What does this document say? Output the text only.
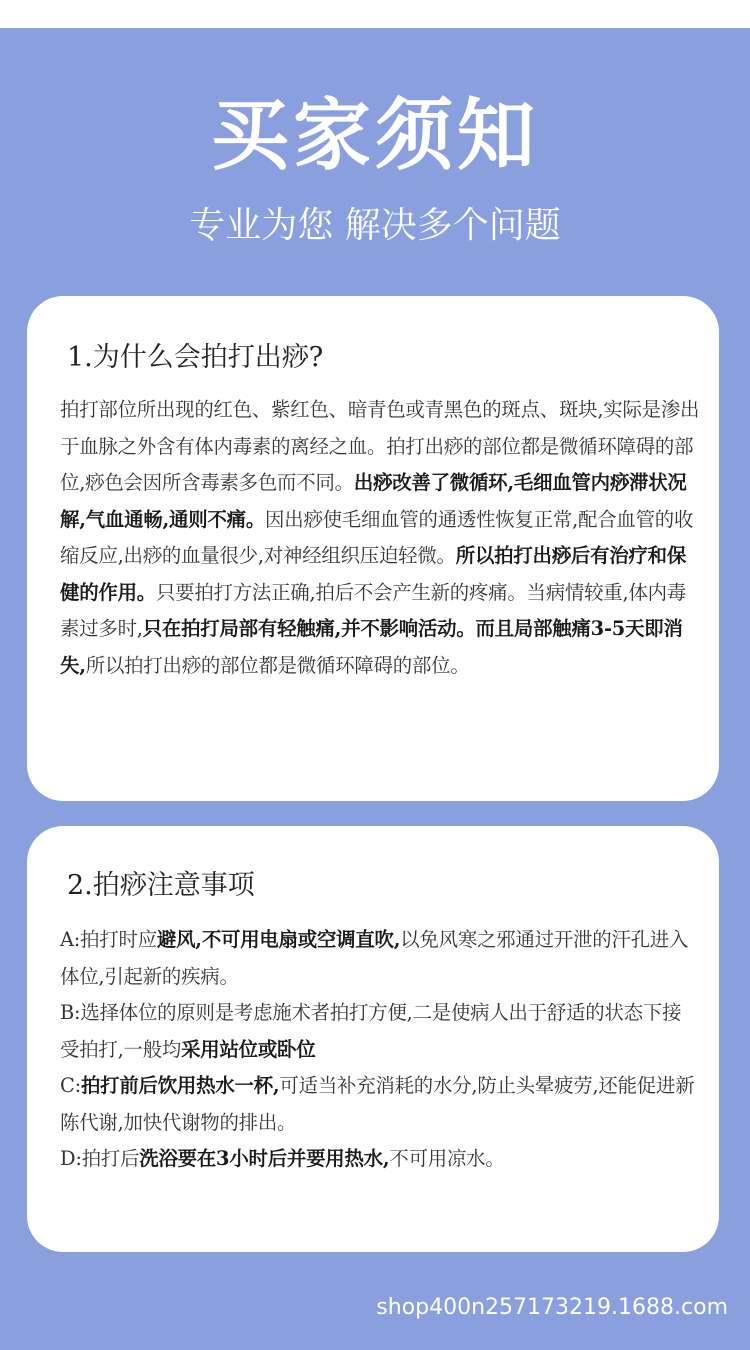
买家须知
专业为您 解决多个问题
1.为什么会拍打出痧?
拍打部位所出现的红色、紫红色、暗青色或青黑色的斑点、斑块,实际是渗出于血脉之外含有体内毒素的离经之血。拍打出痧的部位都是微循环障碍的部位,痧色会因所含毒素多色而不同。出痧改善了微循环,毛细血管内痧滞状况解,气血通畅,通则不痛。因出痧使毛细血管的通透性恢复正常,配合血管的收缩反应,出痧的血量很少,对神经组织压迫轻微。所以拍打出痧后有治疗和保健的作用。只要拍打方法正确,拍后不会产生新的疼痛。当病情较重,体内毒素过多时,只在拍打局部有轻触痛,并不影响活动。而且局部触痛3-5天即消失,所以拍打出痧的部位都是微循环障碍的部位。
2.拍痧注意事项

A:拍打时应避风,不可用电扇或空调直吹,以免风寒之邪通过开泄的汗孔进入体位,引起新的疾病。

B:选择体位的原则是考虑施术者拍打方便,二是使病人出于舒适的状态下接受拍打,一般均采用站位或卧位

C:拍打前后饮用热水一杯,可适当补充消耗的水分,防止头晕疲劳,还能促进新陈代谢,加快代谢物的排出。

D:拍打后洗浴要在3小时后并要用热水,不可用凉水。

shop400n257173219.1688.com
